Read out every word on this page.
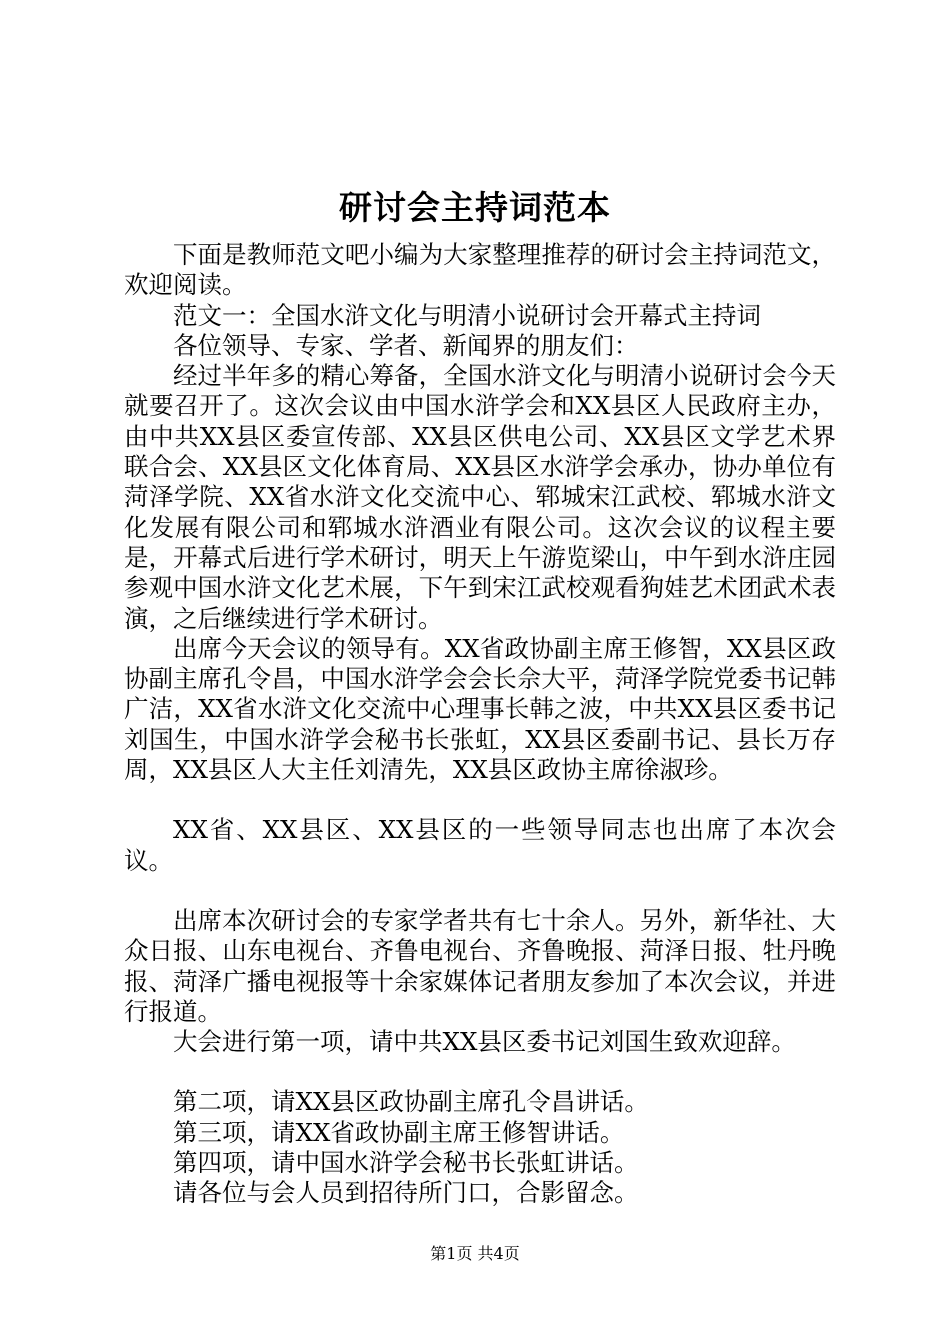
研讨会主持词范本

下面是教师范文吧小编为大家整理推荐的研讨会主持词范文，欢迎阅读。

范文一：全国水浒文化与明清小说研讨会开幕式主持词

各位领导、专家、学者、新闻界的朋友们：

经过半年多的精心筹备，全国水浒文化与明清小说研讨会今天就要召开了。这次会议由中国水浒学会和XX县区人民政府主办，由中共XX县区委宣传部、XX县区供电公司、XX县区文学艺术界联合会、XX县区文化体育局、XX县区水浒学会承办，协办单位有菏泽学院、XX省水浒文化交流中心、郓城宋江武校、郓城水浒文化发展有限公司和郓城水浒酒业有限公司。这次会议的议程主要是，开幕式后进行学术研讨，明天上午游览梁山，中午到水浒庄园参观中国水浒文化艺术展，下午到宋江武校观看狗娃艺术团武术表演，之后继续进行学术研讨。

出席今天会议的领导有。XX省政协副主席王修智，XX县区政协副主席孔令昌，中国水浒学会会长佘大平，菏泽学院党委书记韩广洁，XX省水浒文化交流中心理事长韩之波，中共XX县区委书记刘国生，中国水浒学会秘书长张虹，XX县区委副书记、县长万存周，XX县区人大主任刘清先，XX县区政协主席徐淑珍。

XX省、XX县区、XX县区的一些领导同志也出席了本次会议。

出席本次研讨会的专家学者共有七十余人。另外，新华社、大众日报、山东电视台、齐鲁电视台、齐鲁晚报、菏泽日报、牡丹晚报、菏泽广播电视报等十余家媒体记者朋友参加了本次会议，并进行报道。

大会进行第一项，请中共XX县区委书记刘国生致欢迎辞。

第二项，请XX县区政协副主席孔令昌讲话。

第三项，请XX省政协副主席王修智讲话。

第四项，请中国水浒学会秘书长张虹讲话。

请各位与会人员到招待所门口，合影留念。

第1页 共4页
